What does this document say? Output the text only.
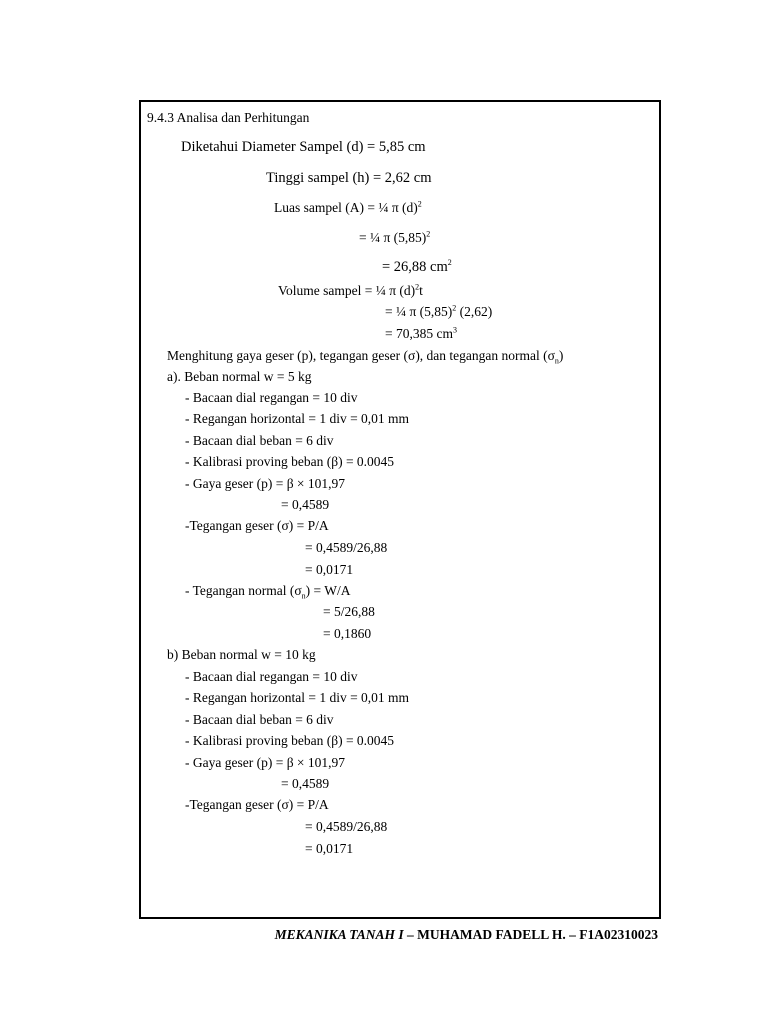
9.4.3 Analisa dan Perhitungan
Diketahui Diameter Sampel (d) = 5,85 cm
Tinggi sampel (h) = 2,62 cm
Luas sampel (A) = ¼ π $(d)^2$
= ¼ π $(5,85)^2$
= 26,88 $cm^2$
Volume sampel = ¼ π $(d)^2t$
= ¼ π $(5,85)^2$ (2,62)
= 70,385 $cm^3$
Menghitung gaya geser (p), tegangan geser (σ), dan tegangan normal $(\sigma_n)$
a). Beban normal w = 5 kg
- Bacaan dial regangan = 10 div
- Regangan horizontal = 1 div = 0,01 mm
- Bacaan dial beban = 6 div
- Kalibrasi proving beban (β) = 0.0045
- Gaya geser (p) = β × 101,97
= 0,4589
-Tegangan geser (σ) = P/A
= 0,4589/26,88
= 0,0171
- Tegangan normal $(\sigma_n) = W/A$
= 5/26,88
= 0,1860
b) Beban normal w = 10 kg
- Bacaan dial regangan = 10 div
- Regangan horizontal = 1 div = 0,01 mm
- Bacaan dial beban = 6 div
- Kalibrasi proving beban (β) = 0.0045
- Gaya geser (p) = β × 101,97
= 0,4589
-Tegangan geser (σ) = P/A
= 0,4589/26,88
= 0,0171
MEKANIKA TANAH I – MUHAMAD FADELL H. – F1A02310023
